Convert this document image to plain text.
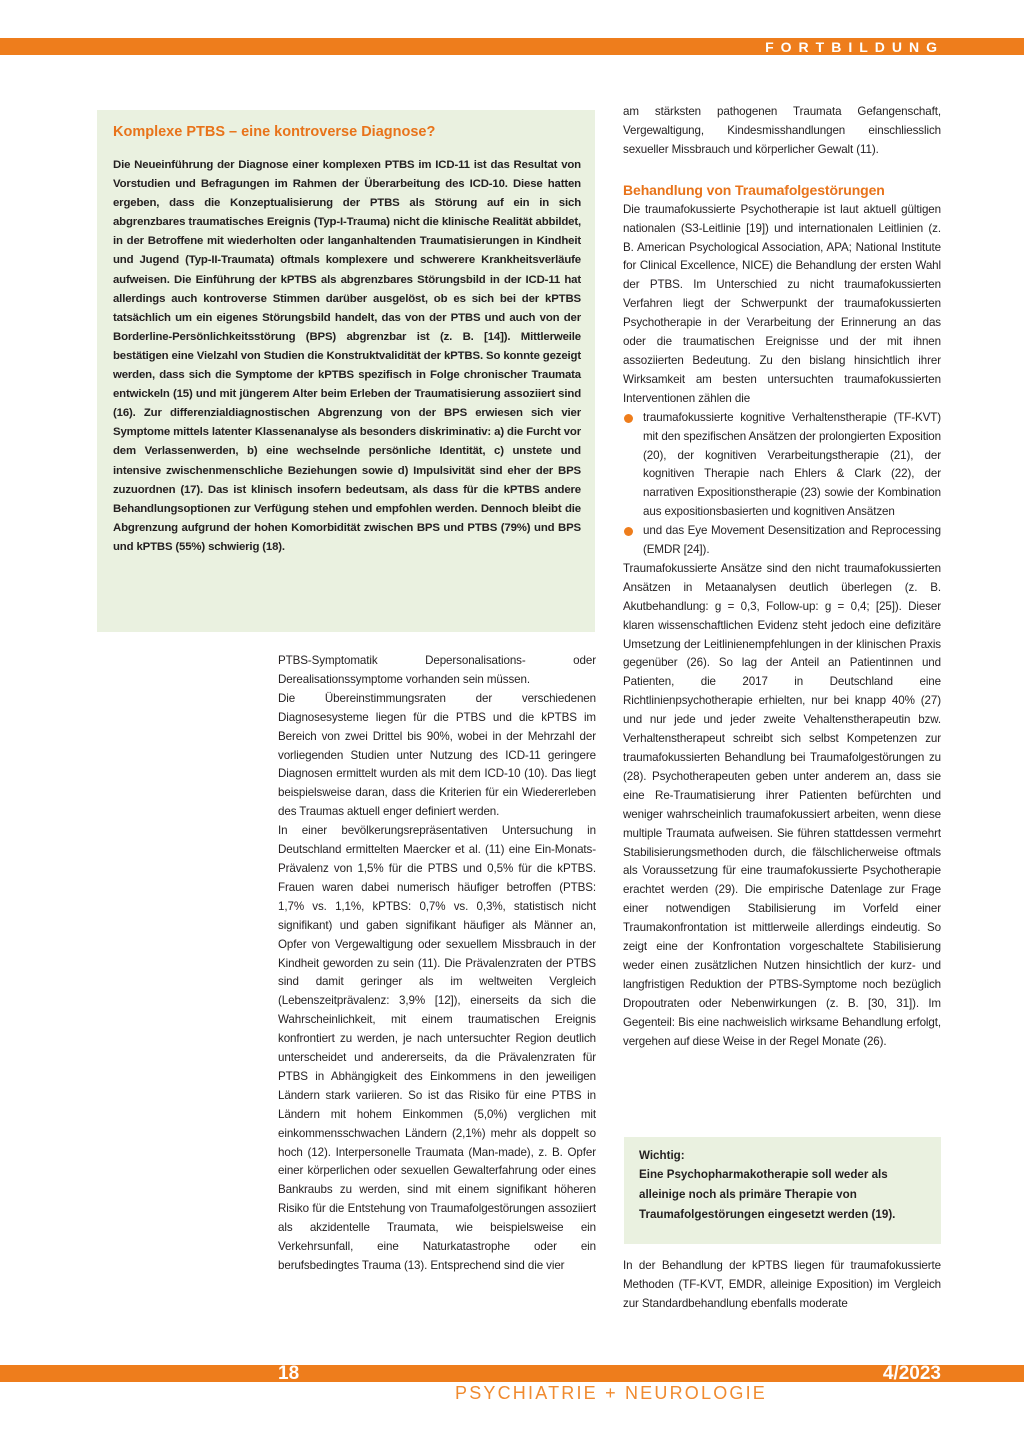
FORTBILDUNG
Komplexe PTBS – eine kontroverse Diagnose?

Die Neueinführung der Diagnose einer komplexen PTBS im ICD-11 ist das Resultat von Vorstudien und Befragungen im Rahmen der Überarbeitung des ICD-10. Diese hatten ergeben, dass die Konzeptualisierung der PTBS als Störung auf ein in sich abgrenzbares traumatisches Ereignis (Typ-I-Trauma) nicht die klinische Realität abbildet, in der Betroffene mit wiederholten oder langanhaltenden Traumatisierungen in Kindheit und Jugend (Typ-II-Traumata) oftmals komplexere und schwerere Krankheitsverläufe aufweisen. Die Einführung der kPTBS als abgrenzbares Störungsbild in der ICD-11 hat allerdings auch kontroverse Stimmen darüber ausgelöst, ob es sich bei der kPTBS tatsächlich um ein eigenes Störungsbild handelt, das von der PTBS und auch von der Borderline-Persönlichkeitsstörung (BPS) abgrenzbar ist (z. B. [14]). Mittlerweile bestätigen eine Vielzahl von Studien die Konstruktvalidität der kPTBS. So konnte gezeigt werden, dass sich die Symptome der kPTBS spezifisch in Folge chronischer Traumata entwickeln (15) und mit jüngerem Alter beim Erleben der Traumatisierung assoziiert sind (16). Zur differenzialdiagnostischen Abgrenzung von der BPS erwiesen sich vier Symptome mittels latenter Klassenanalyse als besonders diskriminativ: a) die Furcht vor dem Verlassenwerden, b) eine wechselnde persönliche Identität, c) unstete und intensive zwischenmenschliche Beziehungen sowie d) Impulsivität sind eher der BPS zuzuordnen (17). Das ist klinisch insofern bedeutsam, als dass für die kPTBS andere Behandlungsoptionen zur Verfügung stehen und empfohlen werden. Dennoch bleibt die Abgrenzung aufgrund der hohen Komorbidität zwischen BPS und PTBS (79%) und BPS und kPTBS (55%) schwierig (18).

PTBS-Symptomatik Depersonalisations- oder Derealisationssymptome vorhanden sein müssen.

Die Übereinstimmungsraten der verschiedenen Diagnosesysteme liegen für die PTBS und die kPTBS im Bereich von zwei Drittel bis 90%, wobei in der Mehrzahl der vorliegenden Studien unter Nutzung des ICD-11 geringere Diagnosen ermittelt wurden als mit dem ICD-10 (10). Das liegt beispielsweise daran, dass die Kriterien für ein Wiedererleben des Traumas aktuell enger definiert werden.

In einer bevölkerungsrepräsentativen Untersuchung in Deutschland ermittelten Maercker et al. (11) eine Ein-Monats-Prävalenz von 1,5% für die PTBS und 0,5% für die kPTBS. Frauen waren dabei numerisch häufiger betroffen (PTBS: 1,7% vs. 1,1%, kPTBS: 0,7% vs. 0,3%, statistisch nicht signifikant) und gaben signifikant häufiger als Männer an, Opfer von Vergewaltigung oder sexuellem Missbrauch in der Kindheit geworden zu sein (11). Die Prävalenzraten der PTBS sind damit geringer als im weltweiten Vergleich (Lebenszeitprävalenz: 3,9% [12]), einerseits da sich die Wahrscheinlichkeit, mit einem traumatischen Ereignis konfrontiert zu werden, je nach untersuchter Region deutlich unterscheidet und andererseits, da die Prävalenzraten für PTBS in Abhängigkeit des Einkommens in den jeweiligen Ländern stark variieren. So ist das Risiko für eine PTBS in Ländern mit hohem Einkommen (5,0%) verglichen mit einkommensschwachen Ländern (2,1%) mehr als doppelt so hoch (12). Interpersonelle Traumata (Man-made), z. B. Opfer einer körperlichen oder sexuellen Gewalterfahrung oder eines Bankraubs zu werden, sind mit einem signifikant höheren Risiko für die Entstehung von Traumafolgestörungen assoziiert als akzidentelle Traumata, wie beispielsweise ein Verkehrsunfall, eine Naturkatastrophe oder ein berufsbedingtes Trauma (13). Entsprechend sind die vier

am stärksten pathogenen Traumata Gefangenschaft, Vergewaltigung, Kindesmisshandlungen einschliesslich sexueller Missbrauch und körperlicher Gewalt (11).

Behandlung von Traumafolgestörungen

Die traumafokussierte Psychotherapie ist laut aktuell gültigen nationalen (S3-Leitlinie [19]) und internationalen Leitlinien (z. B. American Psychological Association, APA; National Institute for Clinical Excellence, NICE) die Behandlung der ersten Wahl der PTBS. Im Unterschied zu nicht traumafokussierten Verfahren liegt der Schwerpunkt der traumafokussierten Psychotherapie in der Verarbeitung der Erinnerung an das oder die traumatischen Ereignisse und der mit ihnen assoziierten Bedeutung. Zu den bislang hinsichtlich ihrer Wirksamkeit am besten untersuchten traumafokussierten Interventionen zählen die

traumafokussierte kognitive Verhaltenstherapie (TF-KVT) mit den spezifischen Ansätzen der prolongierten Exposition (20), der kognitiven Verarbeitungstherapie (21), der kognitiven Therapie nach Ehlers & Clark (22), der narrativen Expositionstherapie (23) sowie der Kombination aus expositionsbasierten und kognitiven Ansätzen
und das Eye Movement Desensitization and Reprocessing (EMDR [24]).

Traumafokussierte Ansätze sind den nicht traumafokussierten Ansätzen in Metaanalysen deutlich überlegen (z. B. Akutbehandlung: g = 0,3, Follow-up: g = 0,4; [25]). Dieser klaren wissenschaftlichen Evidenz steht jedoch eine defizitäre Umsetzung der Leitlinienempfehlungen in der klinischen Praxis gegenüber (26). So lag der Anteil an Patientinnen und Patienten, die 2017 in Deutschland eine Richtlinienpsychotherapie erhielten, nur bei knapp 40% (27) und nur jede und jeder zweite Vehaltenstherapeutin bzw. Verhaltenstherapeut schreibt sich selbst Kompetenzen zur traumafokussierten Behandlung bei Traumafolgestörungen zu (28). Psychotherapeuten geben unter anderem an, dass sie eine Re-Traumatisierung ihrer Patienten befürchten und weniger wahrscheinlich traumafokussiert arbeiten, wenn diese multiple Traumata aufweisen. Sie führen stattdessen vermehrt Stabilisierungsmethoden durch, die fälschlicherweise oftmals als Voraussetzung für eine traumafokussierte Psychotherapie erachtet werden (29). Die empirische Datenlage zur Frage einer notwendigen Stabilisierung im Vorfeld einer Traumakonfrontation ist mittlerweile allerdings eindeutig. So zeigt eine der Konfrontation vorgeschaltete Stabilisierung weder einen zusätzlichen Nutzen hinsichtlich der kurz- und langfristigen Reduktion der PTBS-Symptome noch bezüglich Dropoutraten oder Nebenwirkungen (z. B. [30, 31]). Im Gegenteil: Bis eine nachweislich wirksame Behandlung erfolgt, vergehen auf diese Weise in der Regel Monate (26).

Wichtig:

Eine Psychopharmakotherapie soll weder als alleinige noch als primäre Therapie von Traumafolgestörungen eingesetzt werden (19).

In der Behandlung der kPTBS liegen für traumafokussierte Methoden (TF-KVT, EMDR, alleinige Exposition) im Vergleich zur Standardbehandlung ebenfalls moderate

18	4/2023
PSYCHIATRIE + NEUROLOGIE
